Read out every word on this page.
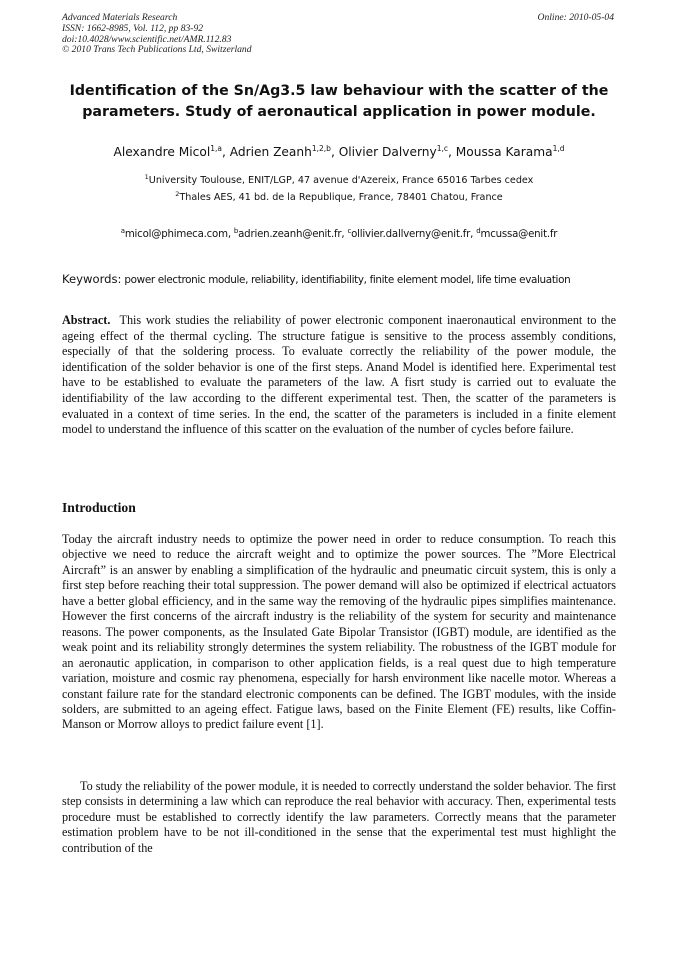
Advanced Materials Research
ISSN: 1662-8985, Vol. 112, pp 83-92
doi:10.4028/www.scientific.net/AMR.112.83
© 2010 Trans Tech Publications Ltd, Switzerland
Online: 2010-05-04
Identification of the Sn/Ag3.5 law behaviour with the scatter of the parameters. Study of aeronautical application in power module.
Alexandre Micol$^{1,a}$, Adrien Zeanh$^{1,2,b}$, Olivier Dalverny$^{1,c}$, Moussa Karama$^{1,d}$
$^1$University Toulouse, ENIT/LGP, 47 avenue d'Azereix, France 65016 Tarbes cedex
$^2$Thales AES, 41 bd. de la Republique, France, 78401 Chatou, France
$^a$micol@phimeca.com, $^b$adrien.zeanh@enit.fr, $^c$ollivier.dallverny@enit.fr, $^d$mcussa@enit.fr
Keywords: power electronic module, reliability, identifiability, finite element model, life time evaluation
Abstract. This work studies the reliability of power electronic component inaeronautical environment to the ageing effect of the thermal cycling. The structure fatigue is sensitive to the process assembly conditions, especially of that the soldering process. To evaluate correctly the reliability of the power module, the identification of the solder behavior is one of the first steps. Anand Model is identified here. Experimental test have to be established to evaluate the parameters of the law. A fisrt study is carried out to evaluate the identifiability of the law according to the different experimental test. Then, the scatter of the parameters is evaluated in a context of time series. In the end, the scatter of the parameters is included in a finite element model to understand the influence of this scatter on the evaluation of the number of cycles before failure.
Introduction

Today the aircraft industry needs to optimize the power need in order to reduce consumption. To reach this objective we need to reduce the aircraft weight and to optimize the power sources. The ”More Electrical Aircraft” is an answer by enabling a simplification of the hydraulic and pneumatic circuit system, this is only a first step before reaching their total suppression. The power demand will also be optimized if electrical actuators have a better global efficiency, and in the same way the removing of the hydraulic pipes simplifies maintenance. However the first concerns of the aircraft industry is the reliability of the system for security and maintenance reasons. The power components, as the Insulated Gate Bipolar Transistor (IGBT) module, are identified as the weak point and its reliability strongly determines the system reliability. The robustness of the IGBT module for an aeronautic application, in comparison to other application fields, is a real quest due to high temperature variation, moisture and cosmic ray phenomena, especially for harsh environment like nacelle motor. Whereas a constant failure rate for the standard electronic components can be defined. The IGBT modules, with the inside solders, are submitted to an ageing effect. Fatigue laws, based on the Finite Element (FE) results, like Coffin-Manson or Morrow alloys to predict failure event [1].

To study the reliability of the power module, it is needed to correctly understand the solder behavior. The first step consists in determining a law which can reproduce the real behavior with accuracy. Then, experimental tests procedure must be established to correctly identify the law parameters. Correctly means that the parameter estimation problem have to be not ill-conditioned in the sense that the experimental test must highlight the contribution of the
